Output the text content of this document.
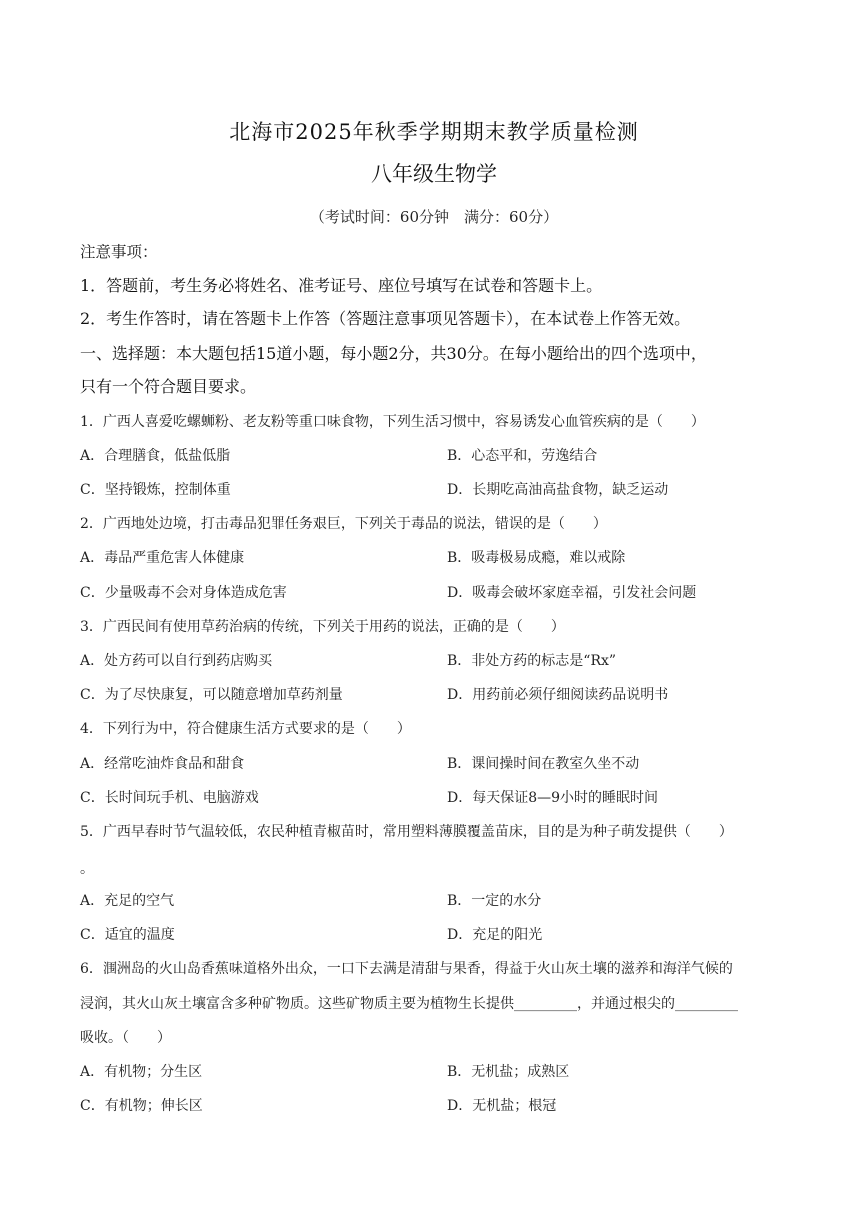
北海市2025年秋季学期期末教学质量检测
八年级生物学
（考试时间：60分钟　满分：60分）
注意事项：
1．答题前，考生务必将姓名、准考证号、座位号填写在试卷和答题卡上。
2．考生作答时，请在答题卡上作答（答题注意事项见答题卡），在本试卷上作答无效。
一、选择题：本大题包括15道小题，每小题2分，共30分。在每小题给出的四个选项中，
只有一个符合题目要求。
1．广西人喜爱吃螺蛳粉、老友粉等重口味食物，下列生活习惯中，容易诱发心血管疾病的是（　　）
A．合理膳食，低盐低脂	B．心态平和，劳逸结合
C．坚持锻炼，控制体重	D．长期吃高油高盐食物，缺乏运动
2．广西地处边境，打击毒品犯罪任务艰巨，下列关于毒品的说法，错误的是（　　）
A．毒品严重危害人体健康	B．吸毒极易成瘾，难以戒除
C．少量吸毒不会对身体造成危害	D．吸毒会破坏家庭幸福，引发社会问题
3．广西民间有使用草药治病的传统，下列关于用药的说法，正确的是（　　）
A．处方药可以自行到药店购买	B．非处方药的标志是“Rx”
C．为了尽快康复，可以随意增加草药剂量	D．用药前必须仔细阅读药品说明书
4．下列行为中，符合健康生活方式要求的是（　　）
A．经常吃油炸食品和甜食	B．课间操时间在教室久坐不动
C．长时间玩手机、电脑游戏	D．每天保证8—9小时的睡眠时间
5．广西早春时节气温较低，农民种植青椒苗时，常用塑料薄膜覆盖苗床，目的是为种子萌发提供（　　）
。
A．充足的空气	B．一定的水分
C．适宜的温度	D．充足的阳光
6．涠洲岛的火山岛香蕉味道格外出众，一口下去满是清甜与果香，得益于火山灰土壤的滋养和海洋气候的
浸润，其火山灰土壤富含多种矿物质。这些矿物质主要为植物生长提供_________，并通过根尖的_________
吸收。（　　）
A．有机物；分生区	B．无机盐；成熟区
C．有机物；伸长区	D．无机盐；根冠
